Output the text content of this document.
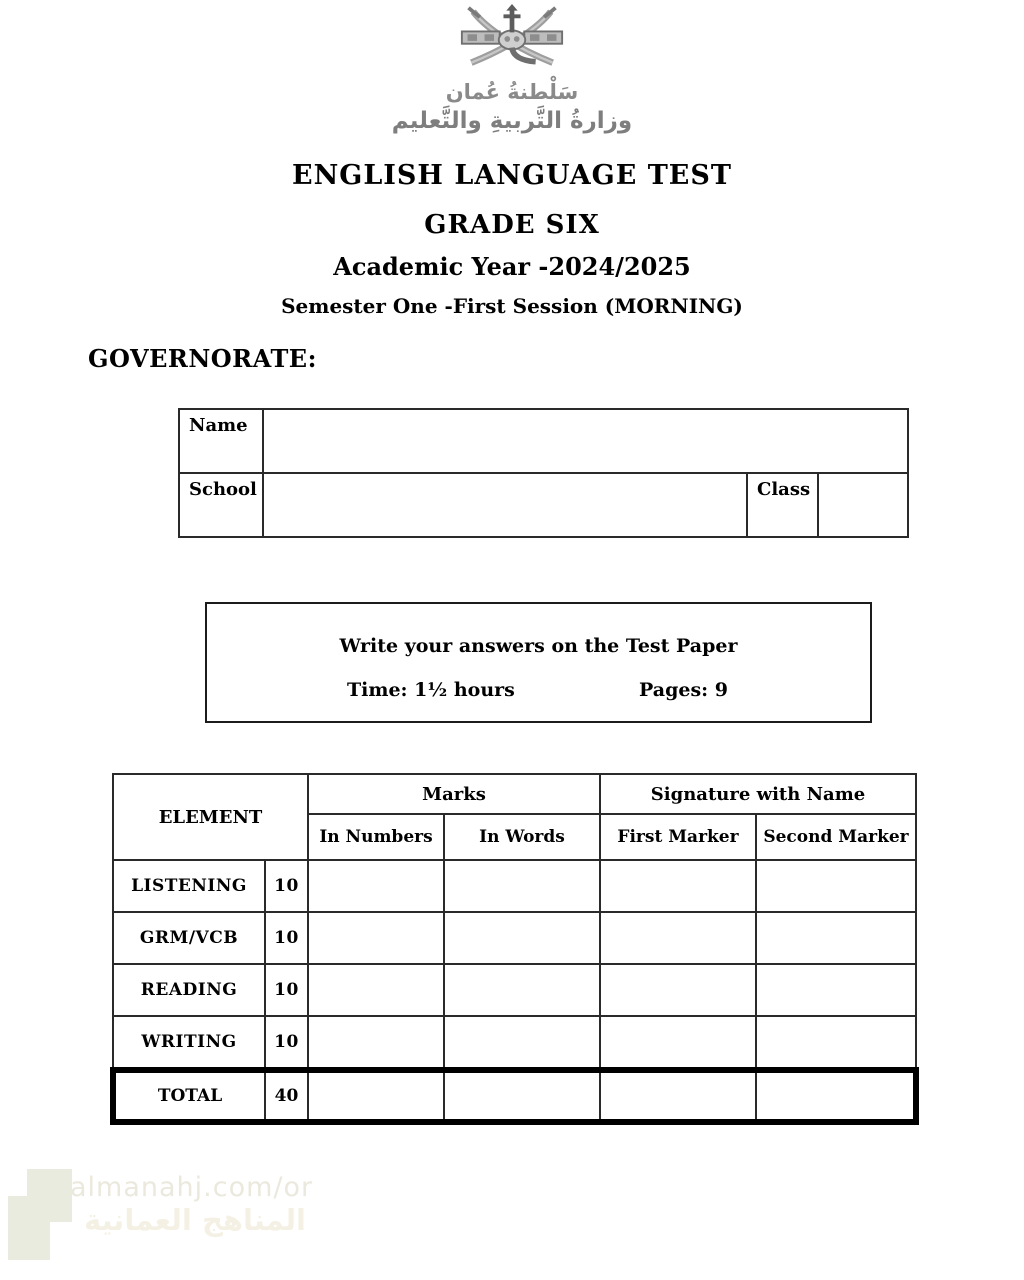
سَلْطنةُ عُمان
وزارةُ التَّربيةِ والتَّعليم
ENGLISH LANGUAGE TEST
GRADE SIX
Academic Year -2024/2025
Semester One -First Session (MORNING)
GOVERNORATE:
Name			
School		Class	
Write your answers on the Test Paper
Time: 1½ hours	Pages: 9
ELEMENT		Marks		Signature with Name	
		In Numbers	In Words	First Marker	Second Marker
LISTENING	10				
GRM/VCB	10				
READING	10				
WRITING	10				
TOTAL	40				
almanahj.com/or
المناهج العمانية
